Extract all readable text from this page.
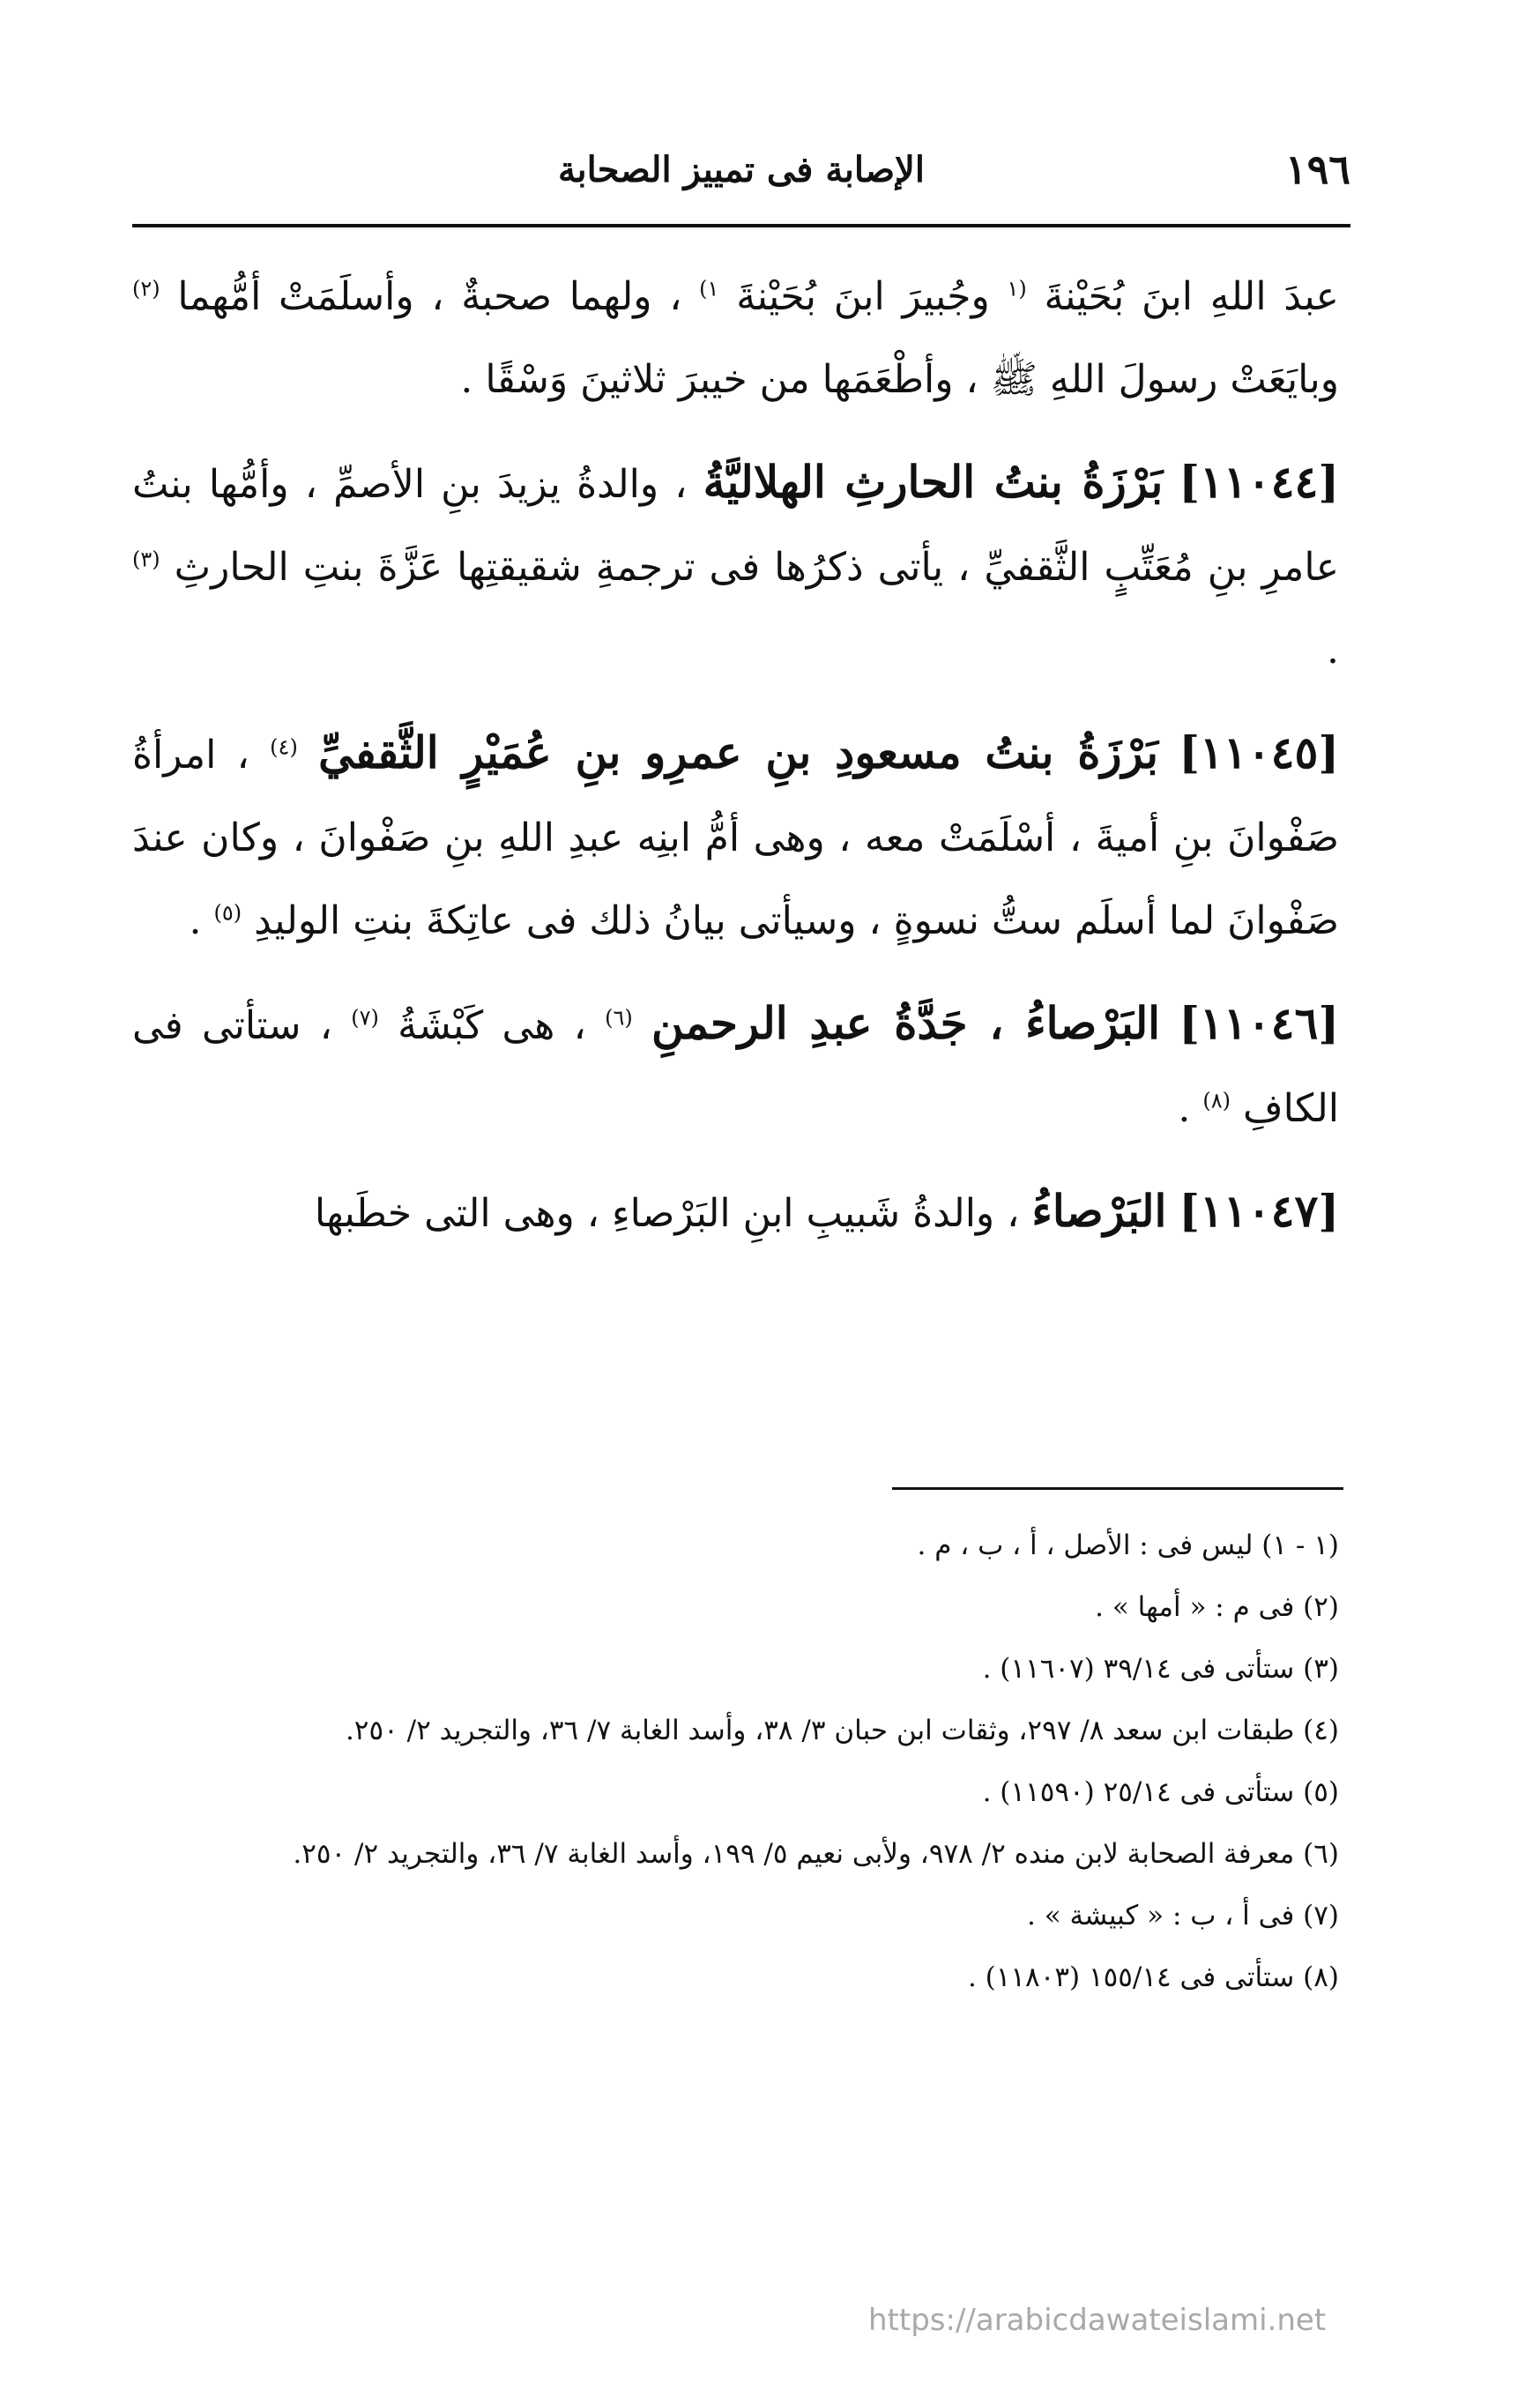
١٩٦
الإصابة فى تمييز الصحابة

عبدَ اللهِ ابنَ بُحَيْنةَ $^{(١}$ وجُبيرَ ابنَ بُحَيْنةَ $^{١)}$ ، ولهما صحبةٌ ، وأسلَمَتْ أمُّهما $^{(٢)}$ وبايَعَتْ رسولَ اللهِ ﷺ ، وأطْعَمَها من خيبرَ ثلاثينَ وَسْقًا .

[١١٠٤٤] بَرْزَةُ بنتُ الحارثِ الهلاليَّةُ ، والدةُ يزيدَ بنِ الأصمِّ ، وأمُّها بنتُ عامرِ بنِ مُعَتِّبٍ الثَّقفيِّ ، يأتى ذكرُها فى ترجمةِ شقيقتِها عَزَّةَ بنتِ الحارثِ $^{(٣)}$ .

[١١٠٤٥] بَرْزَةُ بنتُ مسعودِ بنِ عمرِو بنِ عُمَيْرٍ الثَّقفيِّ $^{(٤)}$ ، امرأةُ صَفْوانَ بنِ أميةَ ، أسْلَمَتْ معه ، وهى أمُّ ابنِه عبدِ اللهِ بنِ صَفْوانَ ، وكان عندَ صَفْوانَ لما أسلَم ستُّ نسوةٍ ، وسيأتى بيانُ ذلك فى عاتِكةَ بنتِ الوليدِ $^{(٥)}$ .

[١١٠٤٦] البَرْصاءُ ، جَدَّةُ عبدِ الرحمنِ $^{(٦)}$ ، هى كَبْشَةُ $^{(٧)}$ ، ستأتى فى الكافِ $^{(٨)}$ .

[١١٠٤٧] البَرْصاءُ ، والدةُ شَبيبِ ابنِ البَرْصاءِ ، وهى التى خطَبها

(١ - ١) ليس فى : الأصل ، أ ، ب ، م .

(٢) فى م : « أمها » .

(٣) ستأتى فى ٣٩/١٤ (١١٦٠٧) .

(٤) طبقات ابن سعد ٨/ ٢٩٧، وثقات ابن حبان ٣/ ٣٨، وأسد الغابة ٧/ ٣٦، والتجريد ٢/ ٢٥٠.

(٥) ستأتى فى ٢٥/١٤ (١١٥٩٠) .

(٦) معرفة الصحابة لابن منده ٢/ ٩٧٨، ولأبى نعيم ٥/ ١٩٩، وأسد الغابة ٧/ ٣٦، والتجريد ٢/ ٢٥٠.

(٧) فى أ ، ب : « كبيشة » .

(٨) ستأتى فى ١٥٥/١٤ (١١٨٠٣) .

https://arabicdawateislami.net
